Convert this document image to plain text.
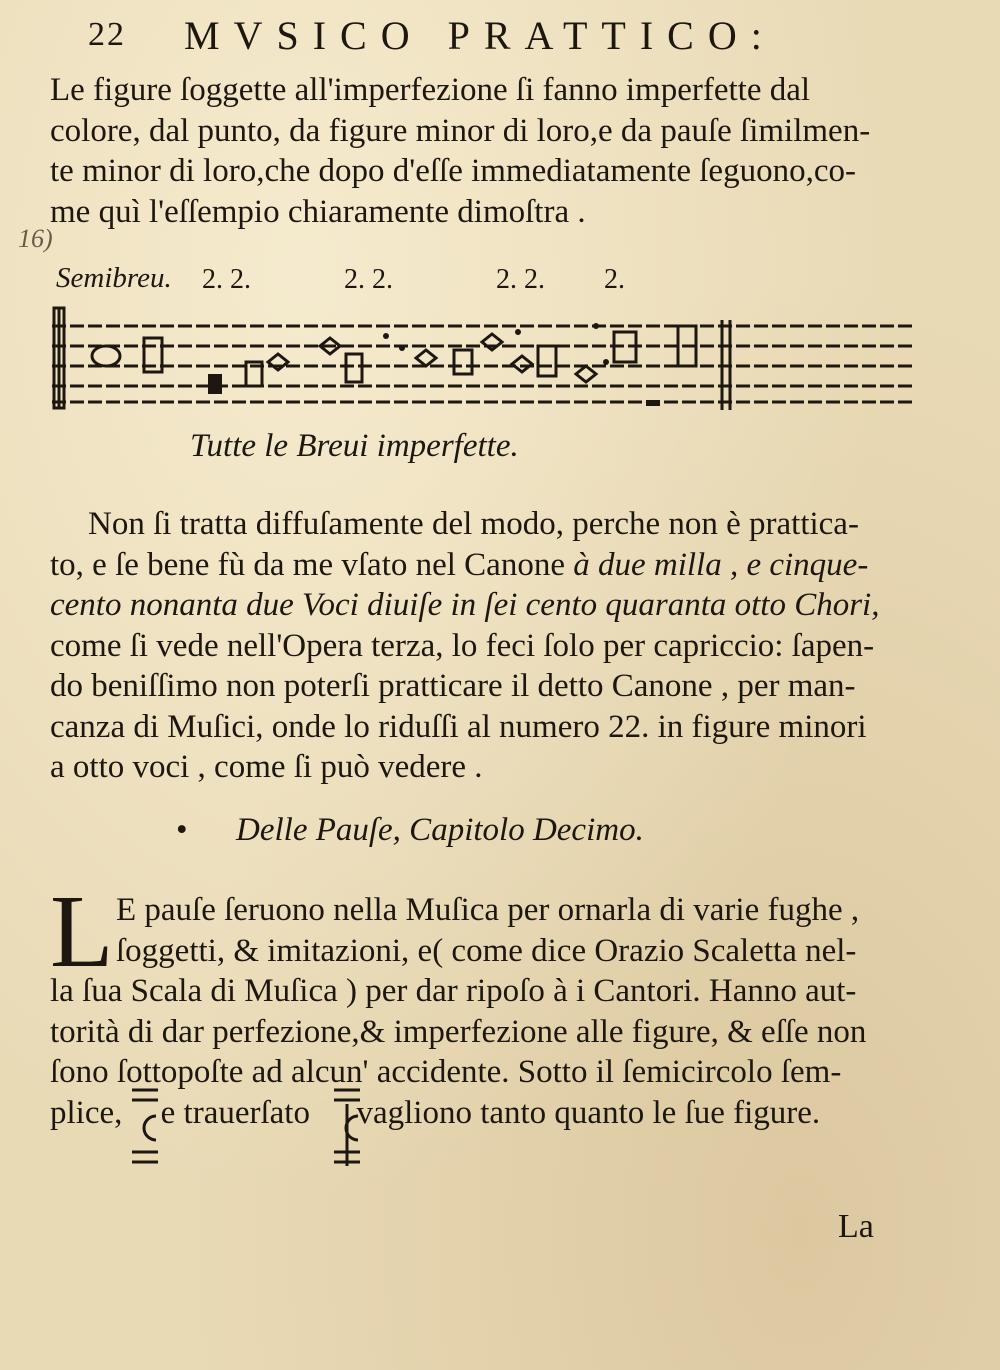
22 MVSICO PRATTICO:
Le figure ſoggette all'imperfezione ſi fanno imperfette dal
colore, dal punto, da figure minor di loro,e da pauſe ſimilmen-
te minor di loro,che dopo d'eſſe immediatamente ſeguono,co-
me quì l'eſſempio chiaramente dimoſtra .
16)
Semibreu. 2. 2.	2. 2.	2. 2. 2.
Tutte le Breui imperfette.
Non ſi tratta diffuſamente del modo, perche non è pratticа-
to, e ſe bene fù da me vſato nel Canone à due milla , e cinque-
cento nonanta due Voci diuiſe in ſei cento quaranta otto Chori,
come ſi vede nell'Opera terza, lo feci ſolo per capriccio: ſapen-
do beniſſimo non poterſi pratticare il detto Canone , per man-
canza di Muſici, onde lo riduſſi al numero 22. in figure minori
a otto voci , come ſi può vedere .
• Delle Pauſe, Capitolo Decimo.
L E pauſe ſeruono nella Muſica per ornarla di varie fughe ,
ſoggetti, & imitazioni, e( come dice Orazio Scaletta nel-
la ſua Scala di Muſica ) per dar ripoſo à i Cantori. Hanno aut-
torità di dar perfezione,& imperfezione alle figure, & eſſe non
ſono ſottopoſte ad alcun' accidente. Sotto il ſemicircolo ſem-
plice, e trauerſato  vagliono tanto quanto le ſue figure.
La
